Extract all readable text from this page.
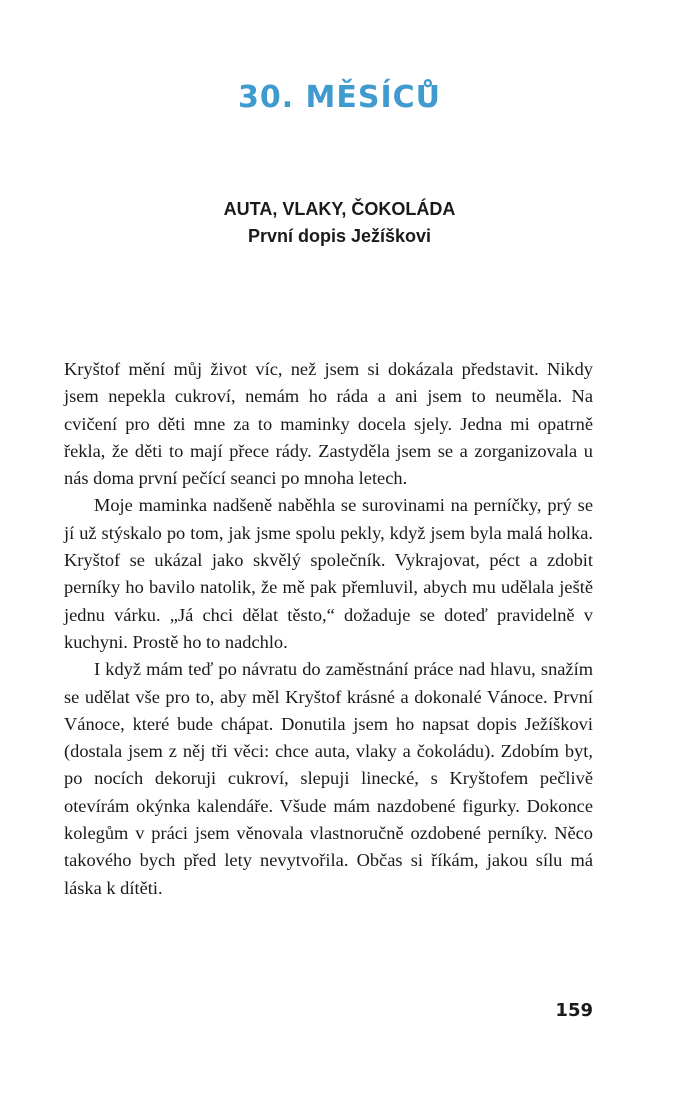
30. MĚSÍCŮ
AUTA, VLAKY, ČOKOLÁDA
První dopis Ježíškovi

Kryštof mění můj život víc, než jsem si dokázala představit. Nikdy jsem nepekla cukroví, nemám ho ráda a ani jsem to neuměla. Na cvičení pro děti mne za to maminky docela sjely. Jedna mi opatrně řekla, že děti to mají přece rády. Zastyděla jsem se a zorganizovala u nás doma první pečící seanci po mnoha letech.

Moje maminka nadšeně naběhla se surovinami na perníčky, prý se jí už stýskalo po tom, jak jsme spolu pekly, když jsem byla malá holka. Kryštof se ukázal jako skvělý společník. Vykrajovat, péct a zdobit perníky ho bavilo natolik, že mě pak přemluvil, abych mu udělala ještě jednu várku. „Já chci dělat těsto,“ dožaduje se doteď pravidelně v kuchyni. Prostě ho to nadchlo.

I když mám teď po návratu do zaměstnání práce nad hlavu, snažím se udělat vše pro to, aby měl Kryštof krásné a dokonalé Vánoce. První Vánoce, které bude chápat. Donutila jsem ho napsat dopis Ježíškovi (dostala jsem z něj tři věci: chce auta, vlaky a čokoládu). Zdobím byt, po nocích dekoruji cukroví, slepuji linecké, s Kryštofem pečlivě otevírám okýnka kalendáře. Všude mám nazdobené figurky. Dokonce kolegům v práci jsem věnovala vlastnoručně ozdobené perníky. Něco takového bych před lety nevytvořila. Občas si říkám, jakou sílu má láska k dítěti.

159
